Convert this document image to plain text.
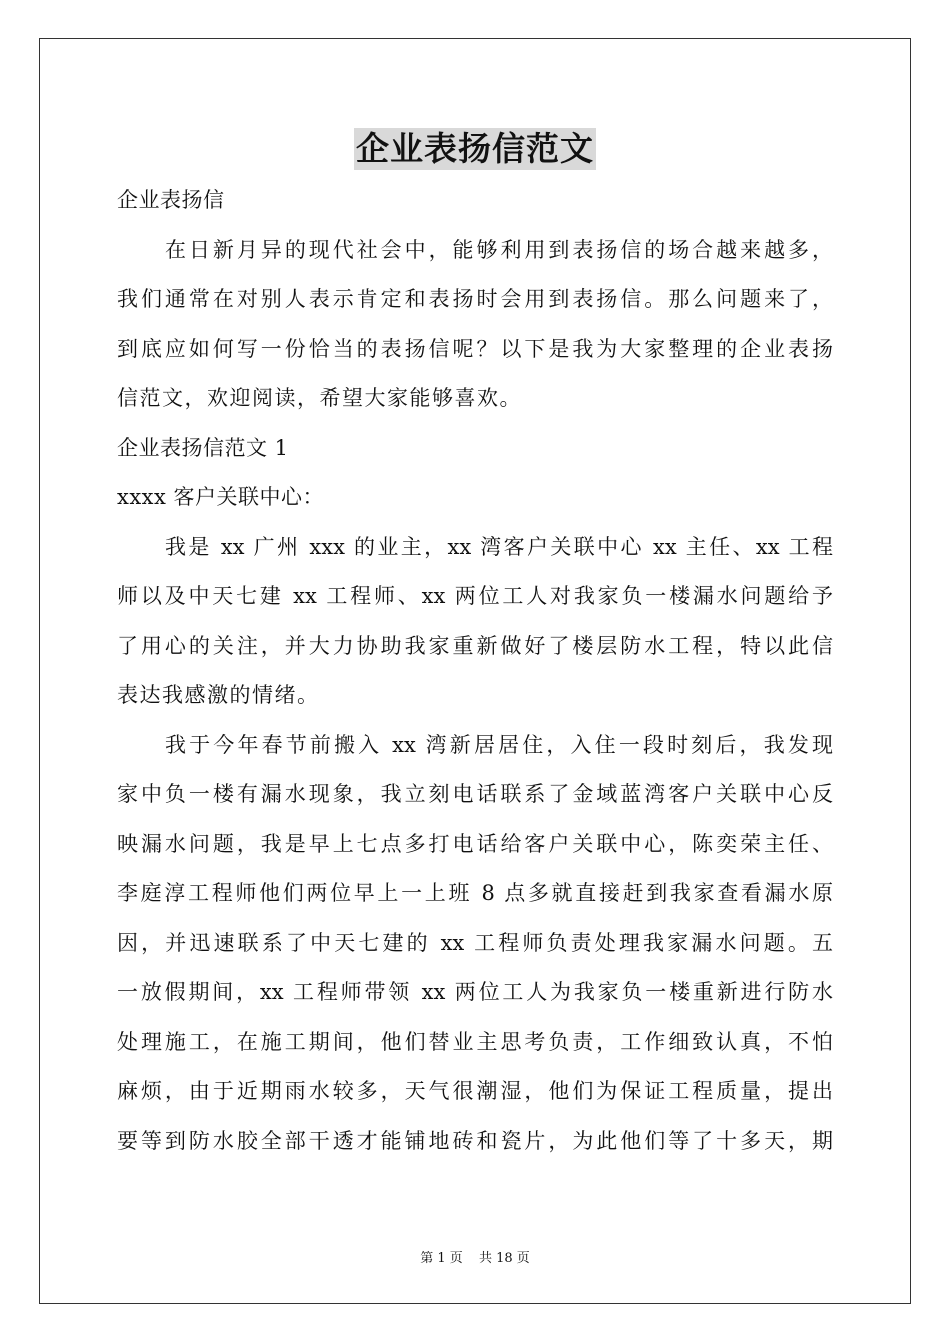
企业表扬信范文
企业表扬信
在日新月异的现代社会中，能够利用到表扬信的场合越来越多，
我们通常在对别人表示肯定和表扬时会用到表扬信。那么问题来了，
到底应如何写一份恰当的表扬信呢？以下是我为大家整理的企业表扬
信范文，欢迎阅读，希望大家能够喜欢。
企业表扬信范文 1
xxxx 客户关联中心：
我是 xx 广州 xxx 的业主，xx 湾客户关联中心 xx 主任、xx 工程
师以及中天七建 xx 工程师、xx 两位工人对我家负一楼漏水问题给予
了用心的关注，并大力协助我家重新做好了楼层防水工程，特以此信
表达我感激的情绪。
我于今年春节前搬入 xx 湾新居居住，入住一段时刻后，我发现
家中负一楼有漏水现象，我立刻电话联系了金域蓝湾客户关联中心反
映漏水问题，我是早上七点多打电话给客户关联中心，陈奕荣主任、
李庭淳工程师他们两位早上一上班 8 点多就直接赶到我家查看漏水原
因，并迅速联系了中天七建的 xx 工程师负责处理我家漏水问题。五
一放假期间，xx 工程师带领 xx 两位工人为我家负一楼重新进行防水
处理施工，在施工期间，他们替业主思考负责，工作细致认真，不怕
麻烦，由于近期雨水较多，天气很潮湿，他们为保证工程质量，提出
要等到防水胶全部干透才能铺地砖和瓷片，为此他们等了十多天，期
第 1 页 共 18 页
